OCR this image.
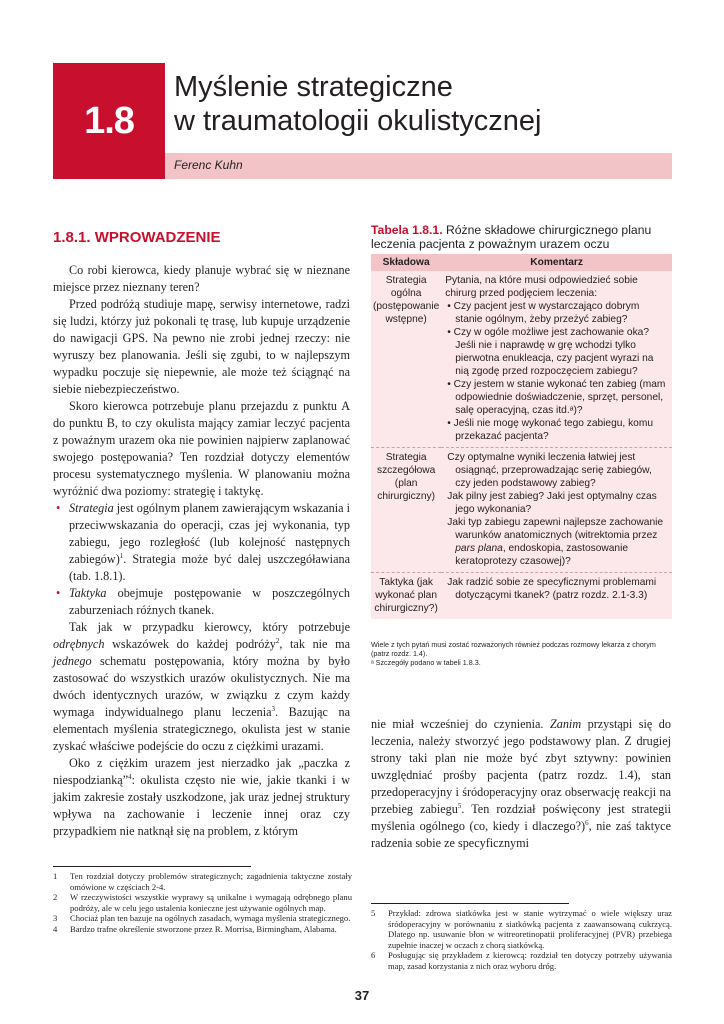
1.8
Myślenie strategiczne
w traumatologii okulistycznej
Ferenc Kuhn
1.8.1. WPROWADZENIE

Co robi kierowca, kiedy planuje wybrać się w nieznane miejsce przez nieznany teren?

Przed podróżą studiuje mapę, serwisy internetowe, radzi się ludzi, którzy już pokonali tę trasę, lub kupuje urządzenie do nawigacji GPS. Na pewno nie zrobi jednej rzeczy: nie wyruszy bez planowania. Jeśli się zgubi, to w najlepszym wypadku poczuje się niepewnie, ale może też ściągnąć na siebie niebezpieczeństwo.

Skoro kierowca potrzebuje planu przejazdu z punktu A do punktu B, to czy okulista mający zamiar leczyć pacjenta z poważnym urazem oka nie powinien najpierw zaplanować swojego postępowania? Ten rozdział dotyczy elementów procesu systematycznego myślenia. W planowaniu można wyróżnić dwa poziomy: strategię i taktykę.

• Strategia jest ogólnym planem zawierającym wskazania i przeciwwskazania do operacji, czas jej wykonania, typ zabiegu, jego rozległość (lub kolejność następnych zabiegów)$^1$. Strategia może być dalej uszczegóławiana (tab. 1.8.1).

• Taktyka obejmuje postępowanie w poszczególnych zaburzeniach różnych tkanek.

Tak jak w przypadku kierowcy, który potrzebuje odrębnych wskazówek do każdej podróży$^2$, tak nie ma jednego schematu postępowania, który można by było zastosować do wszystkich urazów okulistycznych. Nie ma dwóch identycznych urazów, w związku z czym każdy wymaga indywidualnego planu leczenia$^3$. Bazując na elementach myślenia strategicznego, okulista jest w stanie zyskać właściwe podejście do oczu z ciężkimi urazami.

Oko z ciężkim urazem jest nierzadko jak „paczka z niespodzianką”$^4$: okulista często nie wie, jakie tkanki i w jakim zakresie zostały uszkodzone, jak uraz jednej struktury wpływa na zachowanie i leczenie innej oraz czy przypadkiem nie natknął się na problem, z którym

Tabela 1.8.1. Różne składowe chirurgicznego planu leczenia pacjenta z poważnym urazem oczu
Składowa	Komentarz
Strategia ogólna (postępowanie wstępne)	Pytania, na które musi odpowiedzieć sobie chirurg przed podjęciem leczenia:
• Czy pacjent jest w wystarczająco dobrym stanie ogólnym, żeby przeżyć zabieg?
• Czy w ogóle możliwe jest zachowanie oka? Jeśli nie i naprawdę w grę wchodzi tylko pierwotna enukleacja, czy pacjent wyrazi na nią zgodę przed rozpoczęciem zabiegu?
• Czy jestem w stanie wykonać ten zabieg (mam odpowiednie doświadczenie, sprzęt, personel, salę operacyjną, czas itd.ᵃ)?
• Jeśli nie mogę wykonać tego zabiegu, komu przekazać pacjenta?

Strategia szczegółowa (plan chirurgiczny)	Czy optymalne wyniki leczenia łatwiej jest osiągnąć, przeprowadzając serię zabiegów, czy jeden podstawowy zabieg?
Jak pilny jest zabieg? Jaki jest optymalny czas jego wykonania?
Jaki typ zabiegu zapewni najlepsze zachowanie warunków anatomicznych (witrektomia przez pars plana, endoskopia, zastosowanie keratoprotezy czasowej)?

Taktyka (jak wykonać plan chirurgiczny?)	Jak radzić sobie ze specyficznymi problemami dotyczącymi tkanek? (patrz rozdz. 2.1-3.3)
Wiele z tych pytań musi zostać rozważonych również podczas rozmowy lekarza z chorym (patrz rozdz. 1.4).
ᵃ Szczegóły podano w tabeli 1.8.3.

nie miał wcześniej do czynienia. Zanim przystąpi się do leczenia, należy stworzyć jego podstawowy plan. Z drugiej strony taki plan nie może być zbyt sztywny: powinien uwzględniać prośby pacjenta (patrz rozdz. 1.4), stan przedoperacyjny i śródoperacyjny oraz obserwację reakcji na przebieg zabiegu$^5$. Ten rozdział poświęcony jest strategii myślenia ogólnego (co, kiedy i dlaczego?)$^6$, nie zaś taktyce radzenia sobie ze specyficznymi

1 Ten rozdział dotyczy problemów strategicznych; zagadnienia taktyczne zostały omówione w częściach 2-4.
2 W rzeczywistości wszystkie wyprawy są unikalne i wymagają odrębnego planu podróży, ale w celu jego ustalenia konieczne jest używanie ogólnych map.
3 Chociaż plan ten bazuje na ogólnych zasadach, wymaga myślenia strategicznego.
4 Bardzo trafne określenie stworzone przez R. Morrisa, Birmingham, Alabama.
5 Przykład: zdrowa siatkówka jest w stanie wytrzymać o wiele większy uraz śródoperacyjny w porównaniu z siatkówką pacjenta z zaawansowaną cukrzycą. Dlatego np. usuwanie błon w witreoretinopatii proliferacyjnej (PVR) przebiega zupełnie inaczej w oczach z chorą siatkówką.
6 Posługując się przykładem z kierowcą: rozdział ten dotyczy potrzeby używania map, zasad korzystania z nich oraz wyboru dróg.
37
